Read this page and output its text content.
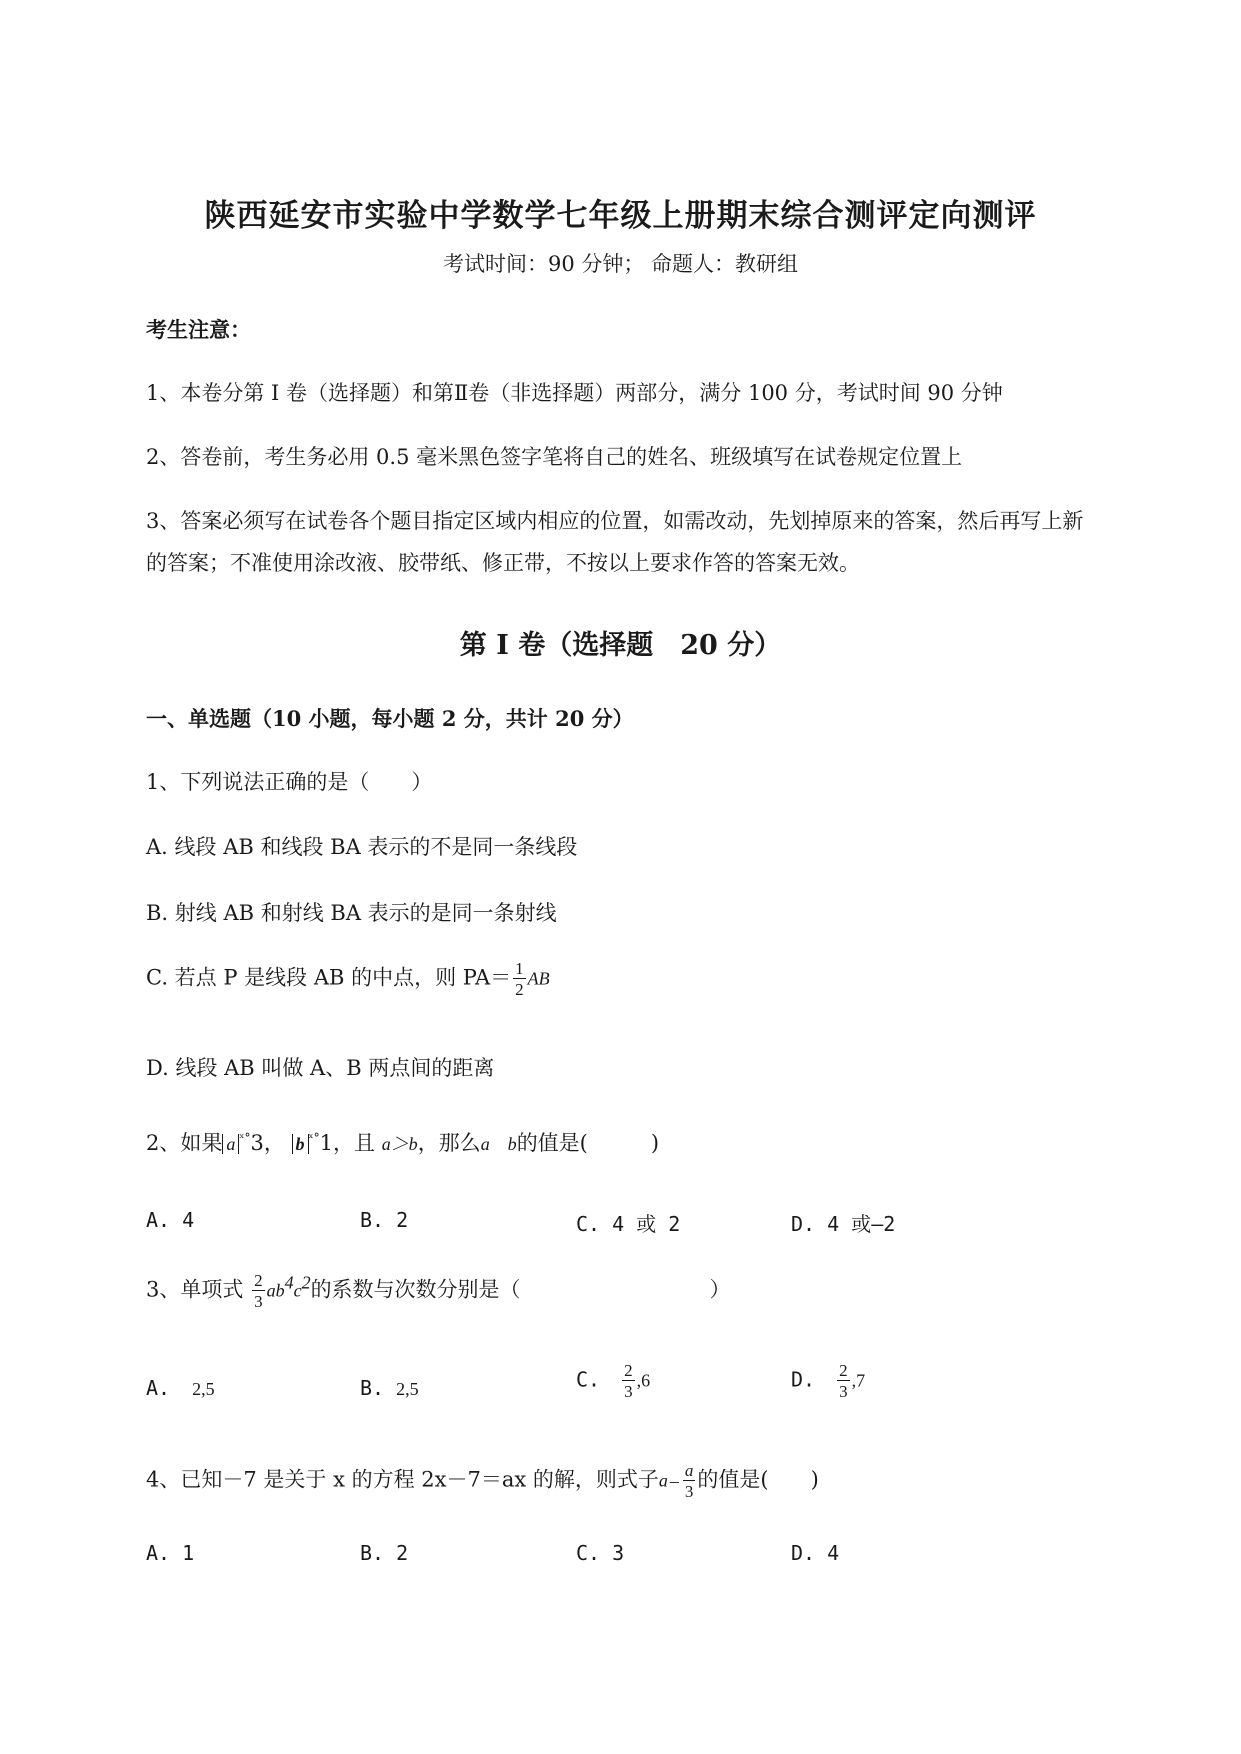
陕西延安市实验中学数学七年级上册期末综合测评定向测评
考试时间：90 分钟； 命题人：教研组
考生注意：
1、本卷分第 I 卷（选择题）和第Ⅱ卷（非选择题）两部分，满分 100 分，考试时间 90 分钟
2、答卷前，考生务必用 0.5 毫米黑色签字笔将自己的姓名、班级填写在试卷规定位置上
3、答案必须写在试卷各个题目指定区域内相应的位置，如需改动，先划掉原来的答案，然后再写上新
的答案；不准使用涂改液、胶带纸、修正带，不按以上要求作答的答案无效。
第 I 卷（选择题　20 分）
一、单选题（10 小题，每小题 2 分，共计 20 分）
1、下列说法正确的是（　　）
A. 线段 AB 和线段 BA 表示的不是同一条线段
B. 射线 AB 和射线 BA 表示的是同一条射线
C. 若点 P 是线段 AB 的中点，则 $PA= \frac{1}{2}$ AB
D. 线段 AB 叫做 A、B 两点间的距离
2、如果 a $^{ˣ^\circ}$3， b $^{ˣ^\circ}$1，且 a＞b，那么a　b的值是(　　　)
A. 4	B. 2	C. 4 或 2	D. 4 或—2
3、单项式 $\frac{2}{3} ab^4c^2$的系数与次数分别是（　　　　　　　　　）
A. 2,5	B. 2,5	C. $\frac{2}{3} ,6$	D. $\frac{2}{3} ,7$
4、已知－7 是关于 x 的方程 2x－7＝ax 的解，则式子a – $\frac{a}{3}$ 的值是(　　)
A. 1	B. 2	C. 3	D. 4
